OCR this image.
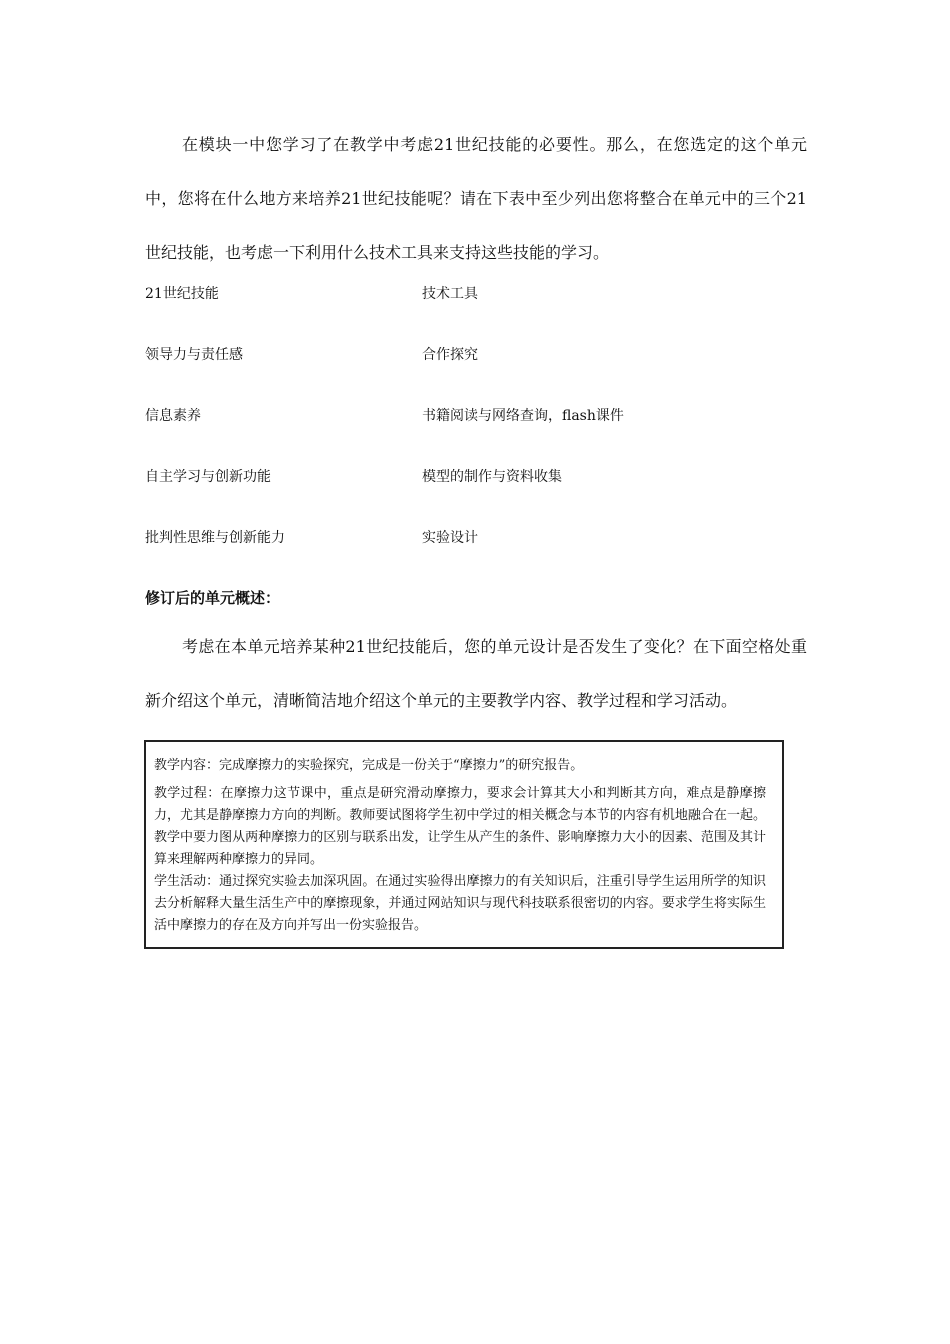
在模块一中您学习了在教学中考虑21世纪技能的必要性。那么，在您选定的这个单元中，您将在什么地方来培养21世纪技能呢？请在下表中至少列出您将整合在单元中的三个21世纪技能，也考虑一下利用什么技术工具来支持这些技能的学习。

21世纪技能	技术工具
领导力与责任感	合作探究
信息素养	书籍阅读与网络查询，flash课件
自主学习与创新功能	模型的制作与资料收集
批判性思维与创新能力	实验设计
修订后的单元概述：

考虑在本单元培养某种21世纪技能后，您的单元设计是否发生了变化？在下面空格处重新介绍这个单元，清晰简洁地介绍这个单元的主要教学内容、教学过程和学习活动。

教学内容：完成摩擦力的实验探究，完成是一份关于“摩擦力”的研究报告。

教学过程：在摩擦力这节课中，重点是研究滑动摩擦力，要求会计算其大小和判断其方向，难点是静摩擦力，尤其是静摩擦力方向的判断。教师要试图将学生初中学过的相关概念与本节的内容有机地融合在一起。教学中要力图从两种摩擦力的区别与联系出发，让学生从产生的条件、影响摩擦力大小的因素、范围及其计算来理解两种摩擦力的异同。

学生活动：通过探究实验去加深巩固。在通过实验得出摩擦力的有关知识后，注重引导学生运用所学的知识去分析解释大量生活生产中的摩擦现象，并通过网站知识与现代科技联系很密切的内容。要求学生将实际生活中摩擦力的存在及方向并写出一份实验报告。
